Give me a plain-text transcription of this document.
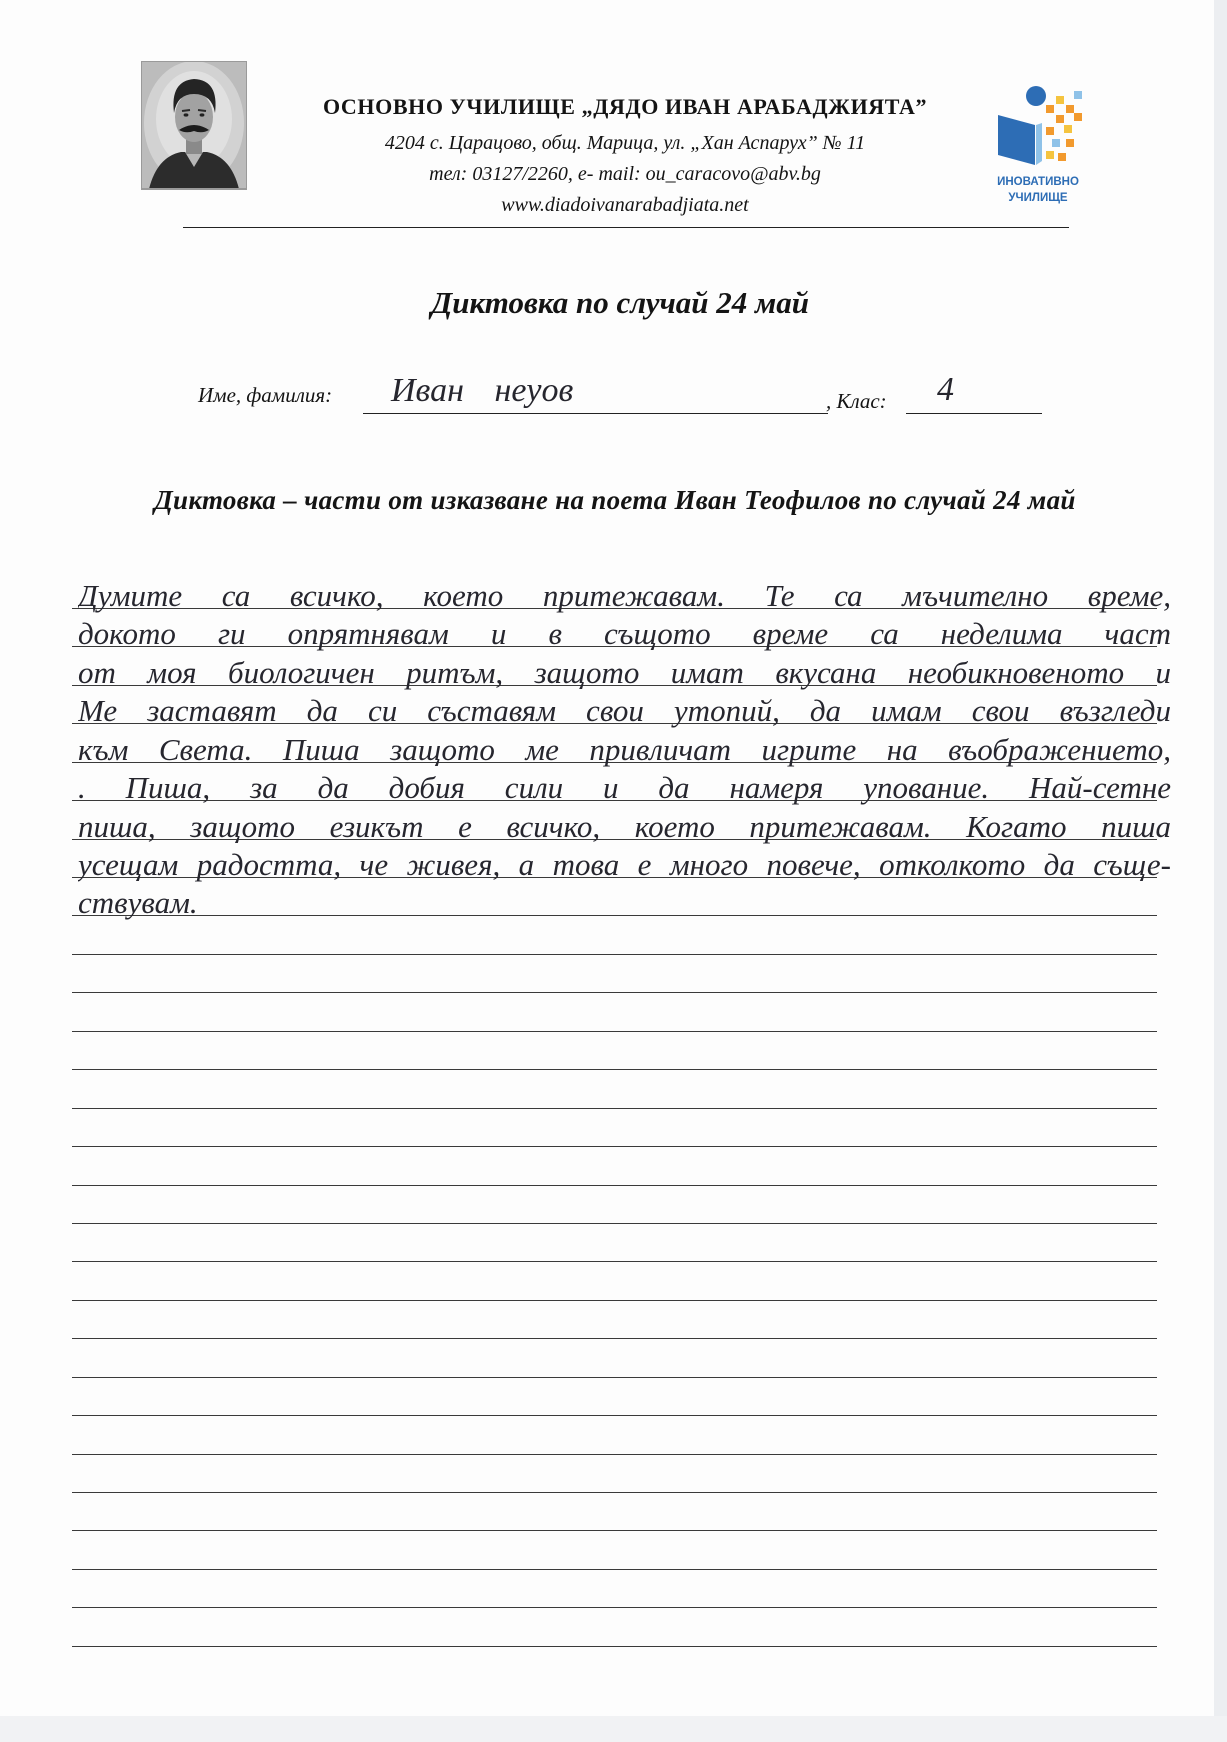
ОСНОВНО УЧИЛИЩЕ „ДЯДО ИВАН АРАБАДЖИЯТА”
4204 с. Царацово, общ. Марица, ул. „Хан Аспарух” № 11
тел: 03127/2260, e- mail: ou_caracovo@abv.bg
www.diadoivanarabadjiata.net
ИНОВАТИВНО
УЧИЛИЩЕ
Диктовка по случай 24 май
Име, фамилия: Иван неуов	, Клас: 4
Диктовка – части от изказване на поета Иван Теофилов по случай 24 май
Думите са всичко, което притежавам. Те са мъчително време,
докото ги опрятнявам и в същото време са неделима част
от моя биологичен ритъм, защото имат вкусана необикновеното и
Ме заставят да си съставям свои утопий, да имам свои възгледи
към Света. Пиша защото ме привличат игрите на въображението,
. Пиша, за да добия сили и да намеря упование. Най-сетне
пиша, защото езикът е всичко, което притежавам. Когато пиша
усещам радостта, че живея, а това е много повече, отколкото да съще-
ствувам.
